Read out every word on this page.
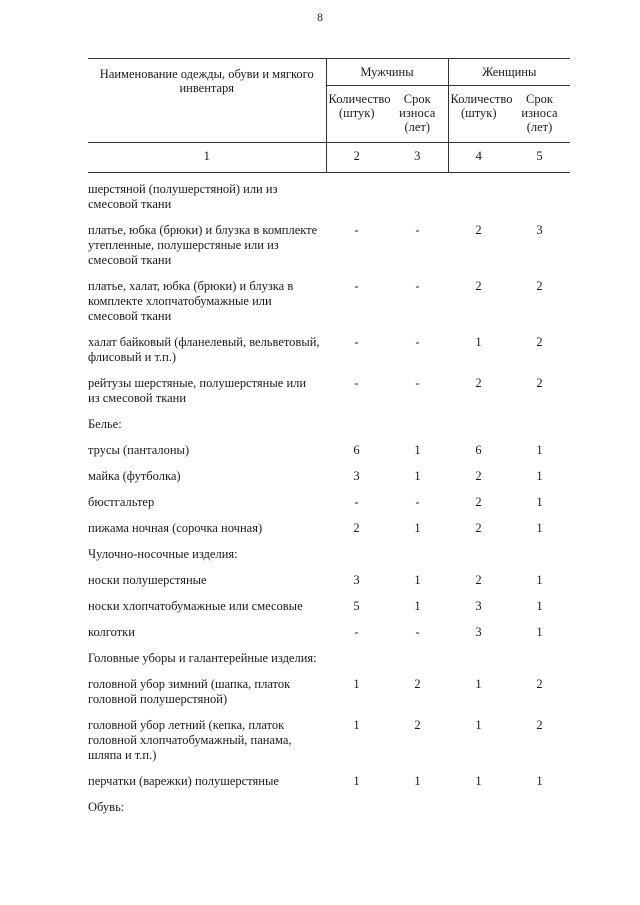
8
Наименование одежды, обуви и мягкого инвентаря	Мужчины		Женщины	
	Количество (штук)	Срок износа (лет)	Количество (штук)	Срок износа (лет)
1	2	3	4	5
шерстяной (полушерстяной) или из смесовой ткани				
платье, юбка (брюки) и блузка в комплекте утепленные, полушерстяные или из смесовой ткани	-	-	2	3
платье, халат, юбка (брюки) и блузка в комплекте хлопчатобумажные или смесовой ткани	-	-	2	2
халат байковый (фланелевый, вельветовый, флисовый и т.п.)	-	-	1	2
рейтузы шерстяные, полушерстяные или из смесовой ткани	-	-	2	2
Белье:				
трусы (панталоны)	6	1	6	1
майка (футболка)	3	1	2	1
бюстгальтер	-	-	2	1
пижама ночная (сорочка ночная)	2	1	2	1
Чулочно-носочные изделия:				
носки полушерстяные	3	1	2	1
носки хлопчатобумажные или смесовые	5	1	3	1
колготки	-	-	3	1
Головные уборы и галантерейные изделия:				
головной убор зимний (шапка, платок головной полушерстяной)	1	2	1	2
головной убор летний (кепка, платок головной хлопчатобумажный, панама, шляпа и т.п.)	1	2	1	2
перчатки (варежки) полушерстяные	1	1	1	1
Обувь:				
